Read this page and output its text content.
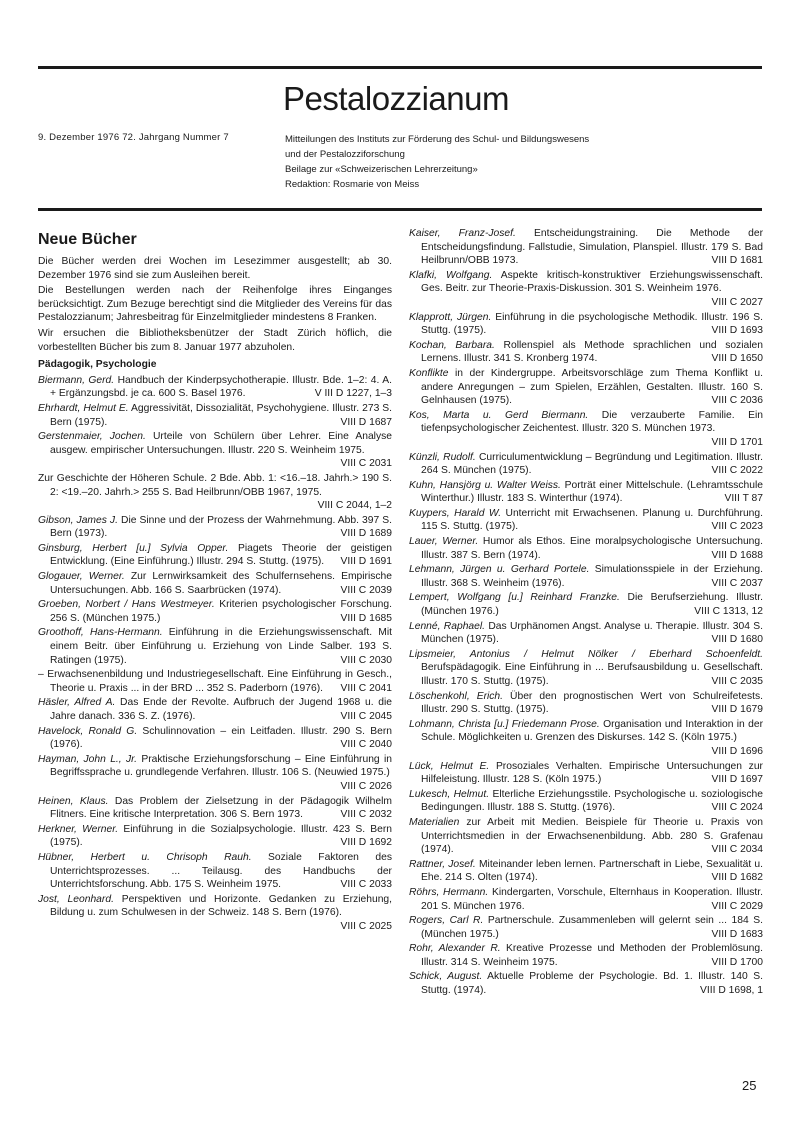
Pestalozzianum
9. Dezember 1976 72. Jahrgang Nummer 7	Mitteilungen des Instituts zur Förderung des Schul- und Bildungswesens
und der Pestalozziforschung
Beilage zur «Schweizerischen Lehrerzeitung»
Redaktion: Rosmarie von Meiss
Neue Bücher

Die Bücher werden drei Wochen im Lesezimmer ausgestellt; ab 30. Dezember 1976 sind sie zum Ausleihen bereit.

Die Bestellungen werden nach der Reihenfolge ihres Einganges berücksichtigt. Zum Bezuge berechtigt sind die Mitglieder des Vereins für das Pestalozzianum; Jahresbeitrag für Einzelmitglieder mindestens 8 Franken.

Wir ersuchen die Bibliotheksbenützer der Stadt Zürich höflich, die vorbestellten Bücher bis zum 8. Januar 1977 abzuholen.

Pädagogik, Psychologie

Biermann, Gerd. Handbuch der Kinderpsychotherapie. Illustr. Bde. 1–2: 4. A. + Ergänzungsbd. je ca. 600 S. Basel 1976.	V III D 1227, 1–3

Ehrhardt, Helmut E. Aggressivität, Dissozialität, Psychohygiene. Illustr. 273 S. Bern (1975).	VIII D 1687

Gerstenmaier, Jochen. Urteile von Schülern über Lehrer. Eine Analyse ausgew. empirischer Untersuchungen. Illustr. 220 S. Weinheim 1975.
VIII C 2031

Zur Geschichte der Höheren Schule. 2 Bde. Abb. 1: <16.–18. Jahrh.> 190 S. 2: <19.–20. Jahrh.> 255 S. Bad Heilbrunn/OBB 1967, 1975.
VIII C 2044, 1–2

Gibson, James J. Die Sinne und der Prozess der Wahrnehmung. Abb. 397 S. Bern (1973).	VIII D 1689

Ginsburg, Herbert [u.] Sylvia Opper. Piagets Theorie der geistigen Entwicklung. (Eine Einführung.) Illustr. 294 S. Stuttg. (1975).	VIII D 1691

Glogauer, Werner. Zur Lernwirksamkeit des Schulfernsehens. Empirische Untersuchungen. Abb. 166 S. Saarbrücken (1974).	VIII C 2039

Groeben, Norbert / Hans Westmeyer. Kriterien psychologischer Forschung. 256 S. (München 1975.)	VIII D 1685

Groothoff, Hans-Hermann. Einführung in die Erziehungswissenschaft. Mit einem Beitr. über Einführung u. Erziehung von Linde Salber. 193 S. Ratingen (1975).	VIII C 2030

– Erwachsenenbildung und Industriegesellschaft. Eine Einführung in Gesch., Theorie u. Praxis ... in der BRD ... 352 S. Paderborn (1976).	VIII C 2041

Häsler, Alfred A. Das Ende der Revolte. Aufbruch der Jugend 1968 u. die Jahre danach. 336 S. Z. (1976).	VIII C 2045

Havelock, Ronald G. Schulinnovation – ein Leitfaden. Illustr. 290 S. Bern (1976).	VIII C 2040

Hayman, John L., Jr. Praktische Erziehungsforschung – Eine Einführung in Begriffssprache u. grundlegende Verfahren. Illustr. 106 S. (Neuwied 1975.)
VIII C 2026

Heinen, Klaus. Das Problem der Zielsetzung in der Pädagogik Wilhelm Flitners. Eine kritische Interpretation. 306 S. Bern 1973.	VIII C 2032

Herkner, Werner. Einführung in die Sozialpsychologie. Illustr. 423 S. Bern (1975).	VIII D 1692

Hübner, Herbert u. Chrisoph Rauh. Soziale Faktoren des Unterrichtsprozesses. ... Teilausg. des Handbuchs der Unterrichtsforschung. Abb. 175 S. Weinheim 1975.	VIII C 2033

Jost, Leonhard. Perspektiven und Horizonte. Gedanken zu Erziehung, Bildung u. zum Schulwesen in der Schweiz. 148 S. Bern (1976).
VIII C 2025

Kaiser, Franz-Josef. Entscheidungstraining. Die Methode der Entscheidungsfindung. Fallstudie, Simulation, Planspiel. Illustr. 179 S. Bad Heilbrunn/OBB 1973.	VIII D 1681

Klafki, Wolfgang. Aspekte kritisch-konstruktiver Erziehungswissenschaft. Ges. Beitr. zur Theorie-Praxis-Diskussion. 301 S. Weinheim 1976.
VIII C 2027

Klapprott, Jürgen. Einführung in die psychologische Methodik. Illustr. 196 S. Stuttg. (1975).	VIII D 1693

Kochan, Barbara. Rollenspiel als Methode sprachlichen und sozialen Lernens. Illustr. 341 S. Kronberg 1974.	VIII D 1650

Konflikte in der Kindergruppe. Arbeitsvorschläge zum Thema Konflikt u. andere Anregungen – zum Spielen, Erzählen, Gestalten. Illustr. 160 S. Gelnhausen (1975).	VIII C 2036

Kos, Marta u. Gerd Biermann. Die verzauberte Familie. Ein tiefenpsychologischer Zeichentest. Illustr. 320 S. München 1973.
VIII D 1701

Künzli, Rudolf. Curriculumentwicklung – Begründung und Legitimation. Illustr. 264 S. München (1975).	VIII C 2022

Kuhn, Hansjörg u. Walter Weiss. Porträt einer Mittelschule. (Lehramtsschule Winterthur.) Illustr. 183 S. Winterthur (1974).	VIII T 87

Kuypers, Harald W. Unterricht mit Erwachsenen. Planung u. Durchführung. 115 S. Stuttg. (1975).	VIII C 2023

Lauer, Werner. Humor als Ethos. Eine moralpsychologische Untersuchung. Illustr. 387 S. Bern (1974).	VIII D 1688

Lehmann, Jürgen u. Gerhard Portele. Simulationsspiele in der Erziehung. Illustr. 368 S. Weinheim (1976).	VIII C 2037

Lempert, Wolfgang [u.] Reinhard Franzke. Die Berufserziehung. Illustr. (München 1976.)	VIII C 1313, 12

Lenné, Raphael. Das Urphänomen Angst. Analyse u. Therapie. Illustr. 304 S. München (1975).	VIII D 1680

Lipsmeier, Antonius / Helmut Nölker / Eberhard Schoenfeldt. Berufspädagogik. Eine Einführung in ... Berufsausbildung u. Gesellschaft. Illustr. 170 S. Stuttg. (1975).	VIII C 2035

Löschenkohl, Erich. Über den prognostischen Wert von Schulreifetests. Illustr. 290 S. Stuttg. (1975).	VIII D 1679

Lohmann, Christa [u.] Friedemann Prose. Organisation und Interaktion in der Schule. Möglichkeiten u. Grenzen des Diskurses. 142 S. (Köln 1975.)
VIII D 1696

Lück, Helmut E. Prosoziales Verhalten. Empirische Untersuchungen zur Hilfeleistung. Illustr. 128 S. (Köln 1975.)	VIII D 1697

Lukesch, Helmut. Elterliche Erziehungsstile. Psychologische u. soziologische Bedingungen. Illustr. 188 S. Stuttg. (1976).	VIII C 2024

Materialien zur Arbeit mit Medien. Beispiele für Theorie u. Praxis von Unterrichtsmedien in der Erwachsenenbildung. Abb. 280 S. Grafenau (1974).	VIII C 2034

Rattner, Josef. Miteinander leben lernen. Partnerschaft in Liebe, Sexualität u. Ehe. 214 S. Olten (1974).	VIII D 1682

Röhrs, Hermann. Kindergarten, Vorschule, Elternhaus in Kooperation. Illustr. 201 S. München 1976.	VIII C 2029

Rogers, Carl R. Partnerschule. Zusammenleben will gelernt sein ... 184 S. (München 1975.)	VIII D 1683

Rohr, Alexander R. Kreative Prozesse und Methoden der Problemlösung. Illustr. 314 S. Weinheim 1975.	VIII D 1700

Schick, August. Aktuelle Probleme der Psychologie. Bd. 1. Illustr. 140 S. Stuttg. (1974).	VIII D 1698, 1

25
